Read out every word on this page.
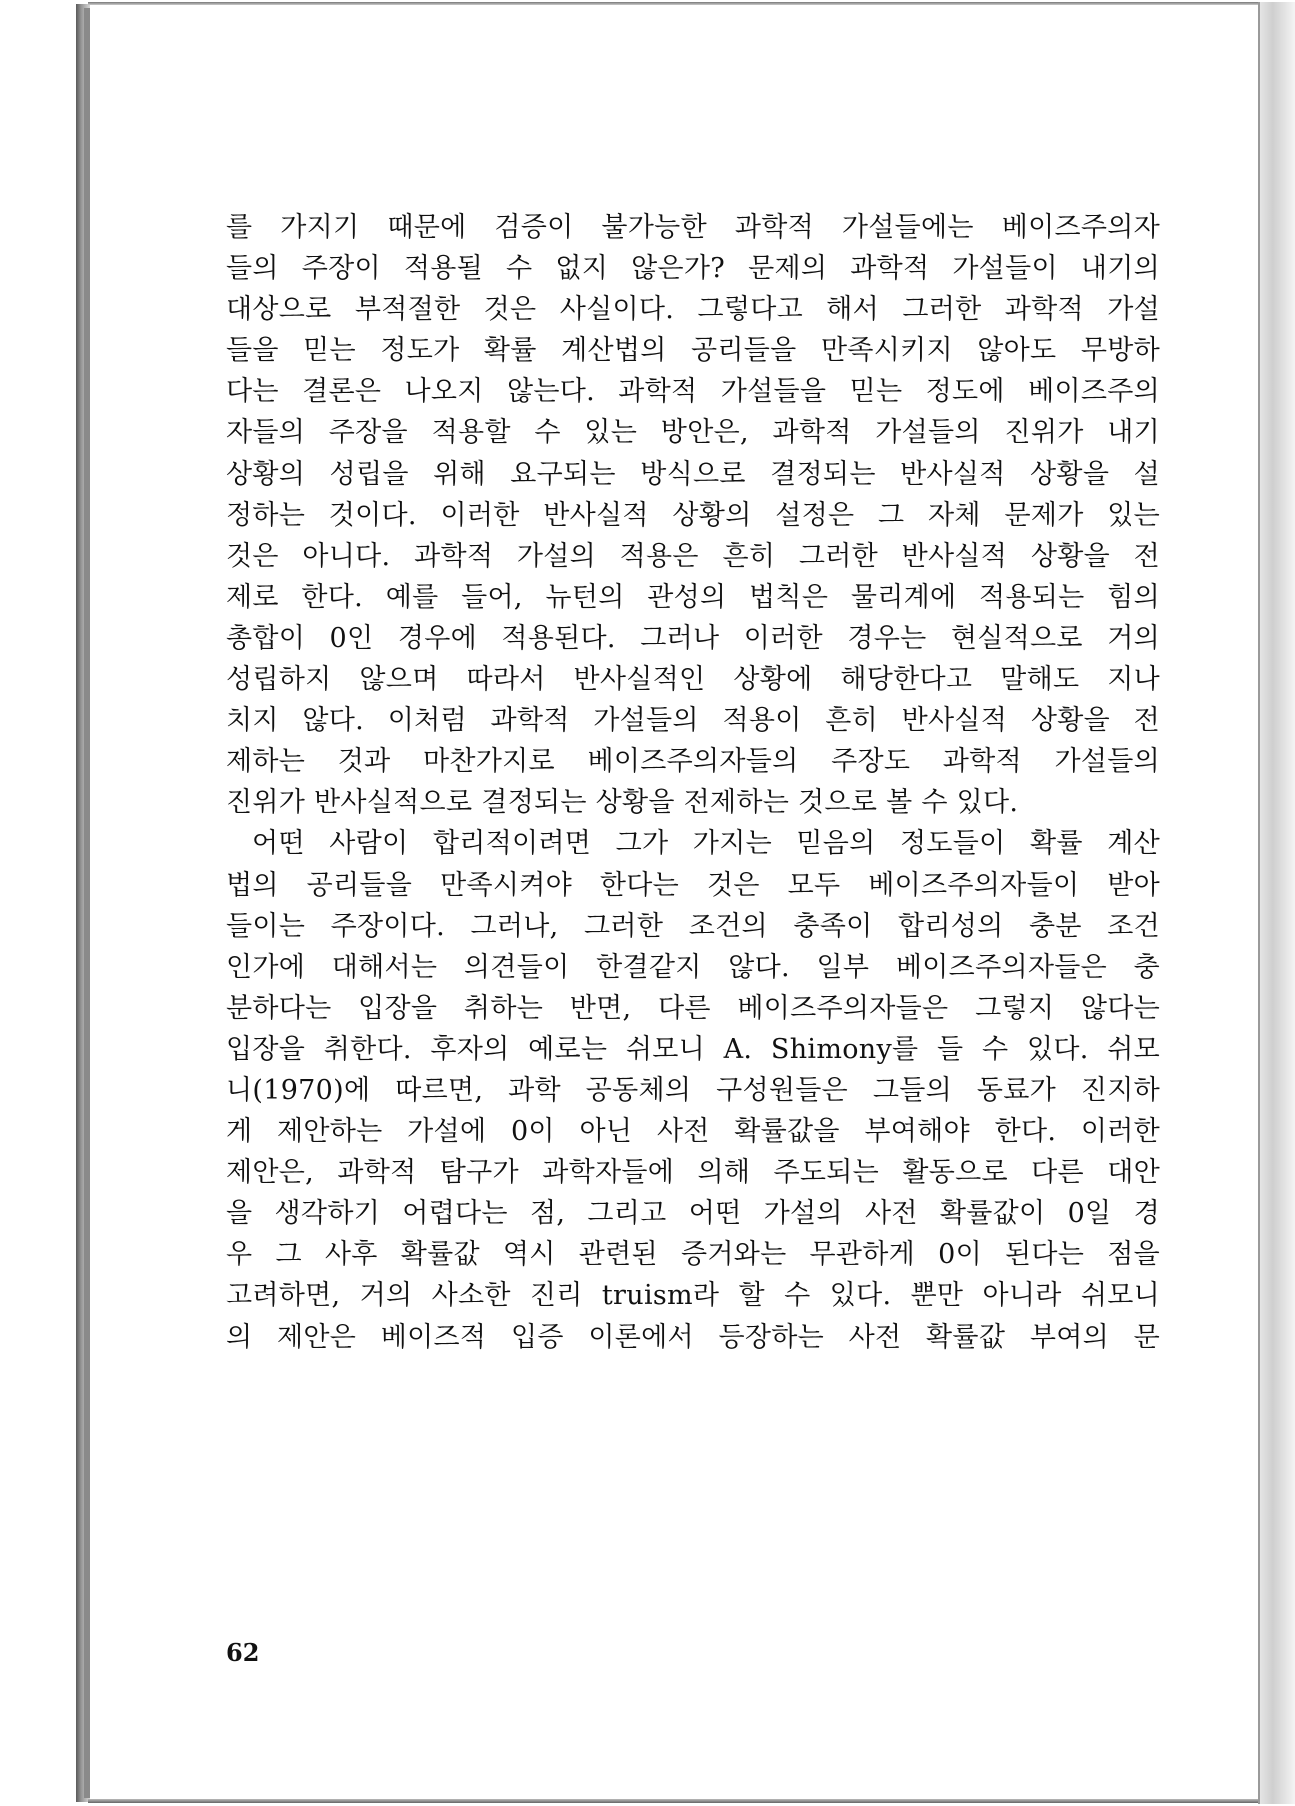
를 가지기 때문에 검증이 불가능한 과학적 가설들에는 베이즈주의자
들의 주장이 적용될 수 없지 않은가? 문제의 과학적 가설들이 내기의
대상으로 부적절한 것은 사실이다. 그렇다고 해서 그러한 과학적 가설
들을 믿는 정도가 확률 계산법의 공리들을 만족시키지 않아도 무방하
다는 결론은 나오지 않는다. 과학적 가설들을 믿는 정도에 베이즈주의
자들의 주장을 적용할 수 있는 방안은, 과학적 가설들의 진위가 내기
상황의 성립을 위해 요구되는 방식으로 결정되는 반사실적 상황을 설
정하는 것이다. 이러한 반사실적 상황의 설정은 그 자체 문제가 있는
것은 아니다. 과학적 가설의 적용은 흔히 그러한 반사실적 상황을 전
제로 한다. 예를 들어, 뉴턴의 관성의 법칙은 물리계에 적용되는 힘의
총합이 0인 경우에 적용된다. 그러나 이러한 경우는 현실적으로 거의
성립하지 않으며 따라서 반사실적인 상황에 해당한다고 말해도 지나
치지 않다. 이처럼 과학적 가설들의 적용이 흔히 반사실적 상황을 전
제하는 것과 마찬가지로 베이즈주의자들의 주장도 과학적 가설들의
진위가 반사실적으로 결정되는 상황을 전제하는 것으로 볼 수 있다.
어떤 사람이 합리적이려면 그가 가지는 믿음의 정도들이 확률 계산
법의 공리들을 만족시켜야 한다는 것은 모두 베이즈주의자들이 받아
들이는 주장이다. 그러나, 그러한 조건의 충족이 합리성의 충분 조건
인가에 대해서는 의견들이 한결같지 않다. 일부 베이즈주의자들은 충
분하다는 입장을 취하는 반면, 다른 베이즈주의자들은 그렇지 않다는
입장을 취한다. 후자의 예로는 쉬모니 A. Shimony를 들 수 있다. 쉬모
니(1970)에 따르면, 과학 공동체의 구성원들은 그들의 동료가 진지하
게 제안하는 가설에 0이 아닌 사전 확률값을 부여해야 한다. 이러한
제안은, 과학적 탐구가 과학자들에 의해 주도되는 활동으로 다른 대안
을 생각하기 어렵다는 점, 그리고 어떤 가설의 사전 확률값이 0일 경
우 그 사후 확률값 역시 관련된 증거와는 무관하게 0이 된다는 점을
고려하면, 거의 사소한 진리 truism라 할 수 있다. 뿐만 아니라 쉬모니
의 제안은 베이즈적 입증 이론에서 등장하는 사전 확률값 부여의 문
62
